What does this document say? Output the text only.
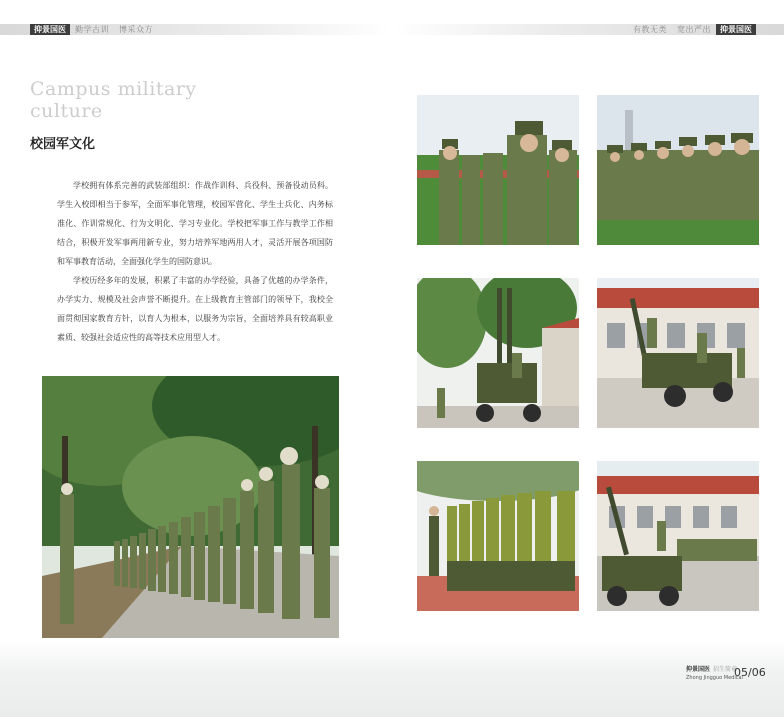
抑景国医	勤学古训 博采众方	有教无类 宽出严出	抑景国医
Campus military culture
校园军文化

学校拥有体系完善的武装部组织：作战作训科、兵役科、预备役动员科。学生入校即相当于参军，全面军事化管理，校园军营化、学生士兵化、内务标准化、作训常规化、行为文明化、学习专业化。学校把军事工作与教学工作相结合，积极开发军事两用新专业，努力培养军地两用人才，灵活开展各项国防和军事教育活动，全面强化学生的国防意识。

学校历经多年的发展，积累了丰富的办学经验，具备了优越的办学条件，办学实力、规模及社会声誉不断提升。在上级教育主管部门的领导下，我校全面贯彻国家教育方针，以育人为根本，以服务为宗旨，全面培养具有较高职业素质、较强社会适应性的高等技术应用型人才。

抑景国医 招生简章
Zhong Jingguo Medical
05/06
